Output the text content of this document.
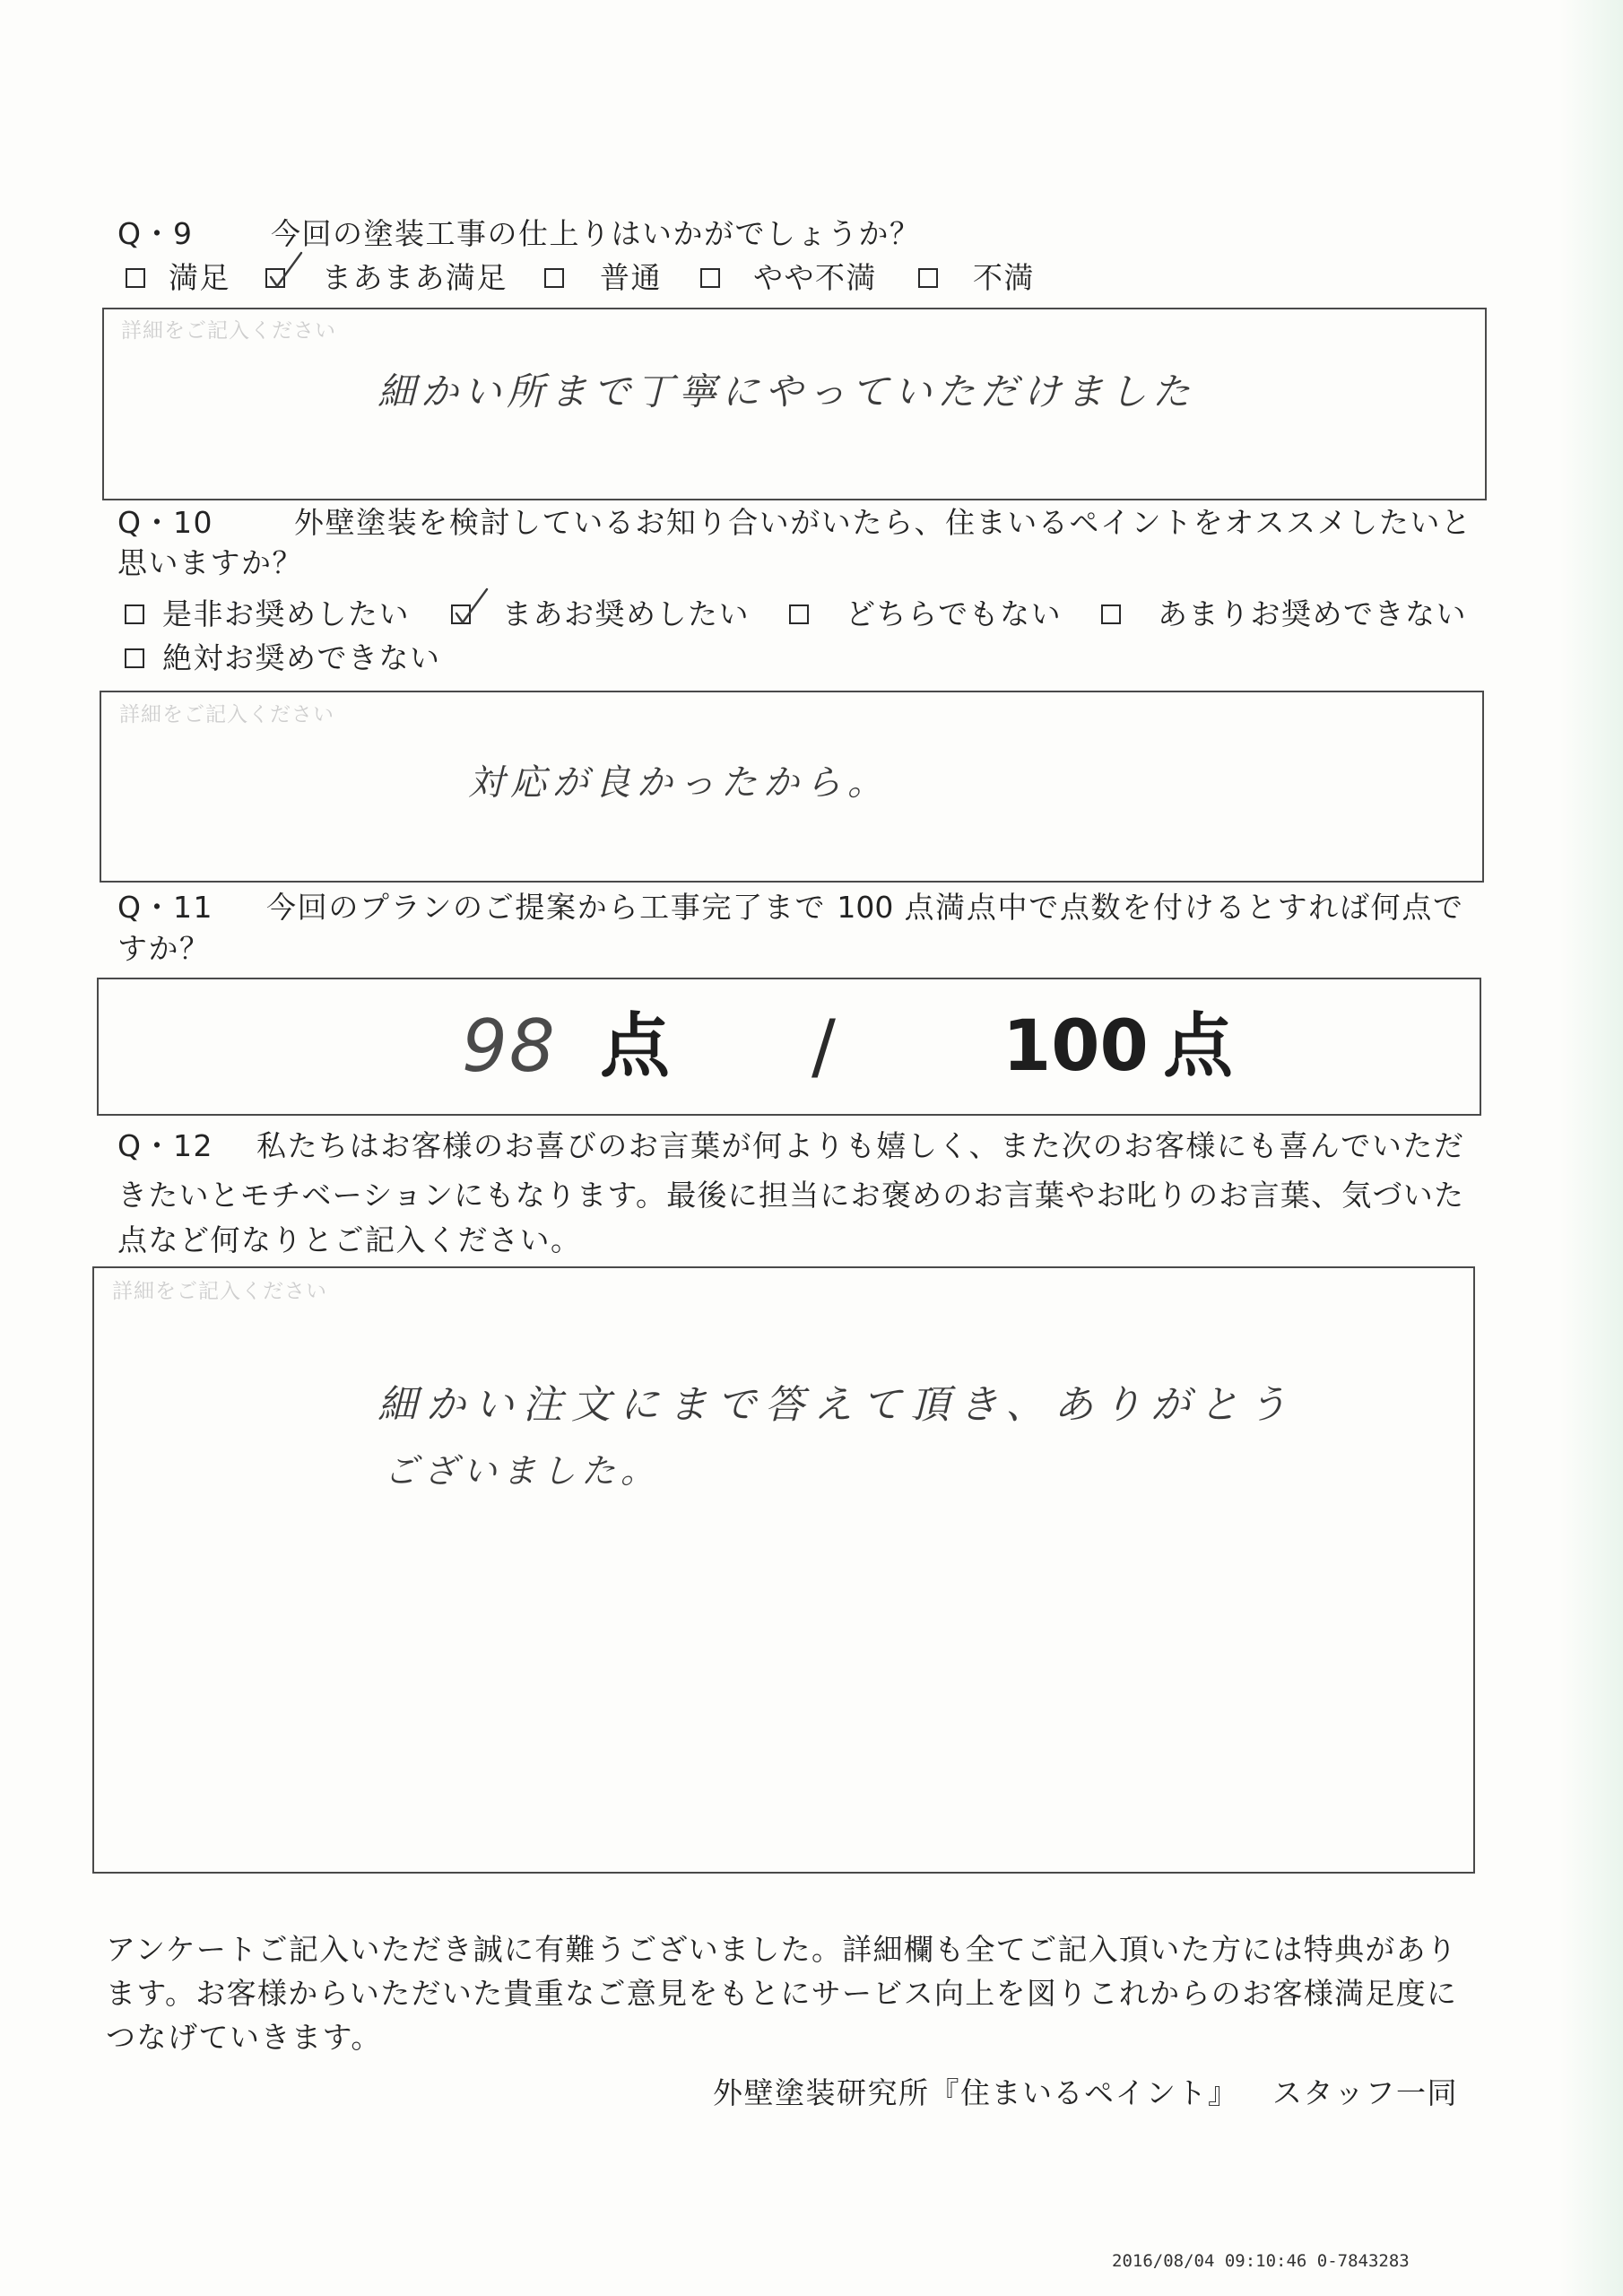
Q・9	今回の塗装工事の仕上りはいかがでしょうか？
満足	まあまあ満足	普通	やや不満	不満
詳細をご記入ください
細かい所まで丁寧にやっていただけました
Q・10	外壁塗装を検討しているお知り合いがいたら、住まいるペイントをオススメしたいと
思いますか？
是非お奨めしたい	まあお奨めしたい	どちらでもない	あまりお奨めできない
絶対お奨めできない
詳細をご記入ください
対応が良かったから。
Q・11 今回のプランのご提案から工事完了まで 100 点満点中で点数を付けるとすれば何点で
すか？
98 点 / 100 点
Q・12 私たちはお客様のお喜びのお言葉が何よりも嬉しく、また次のお客様にも喜んでいただ
きたいとモチベーションにもなります。最後に担当にお褒めのお言葉やお叱りのお言葉、気づいた
点など何なりとご記入ください。
詳細をご記入ください
細かい注文にまで答えて頂き、ありがとう
ございました。
アンケートご記入いただき誠に有難うございました。詳細欄も全てご記入頂いた方には特典があり
ます。お客様からいただいた貴重なご意見をもとにサービス向上を図りこれからのお客様満足度に
つなげていきます。
外壁塗装研究所『住まいるペイント』 スタッフ一同
2016/08/04 09:10:46 0-7843283
